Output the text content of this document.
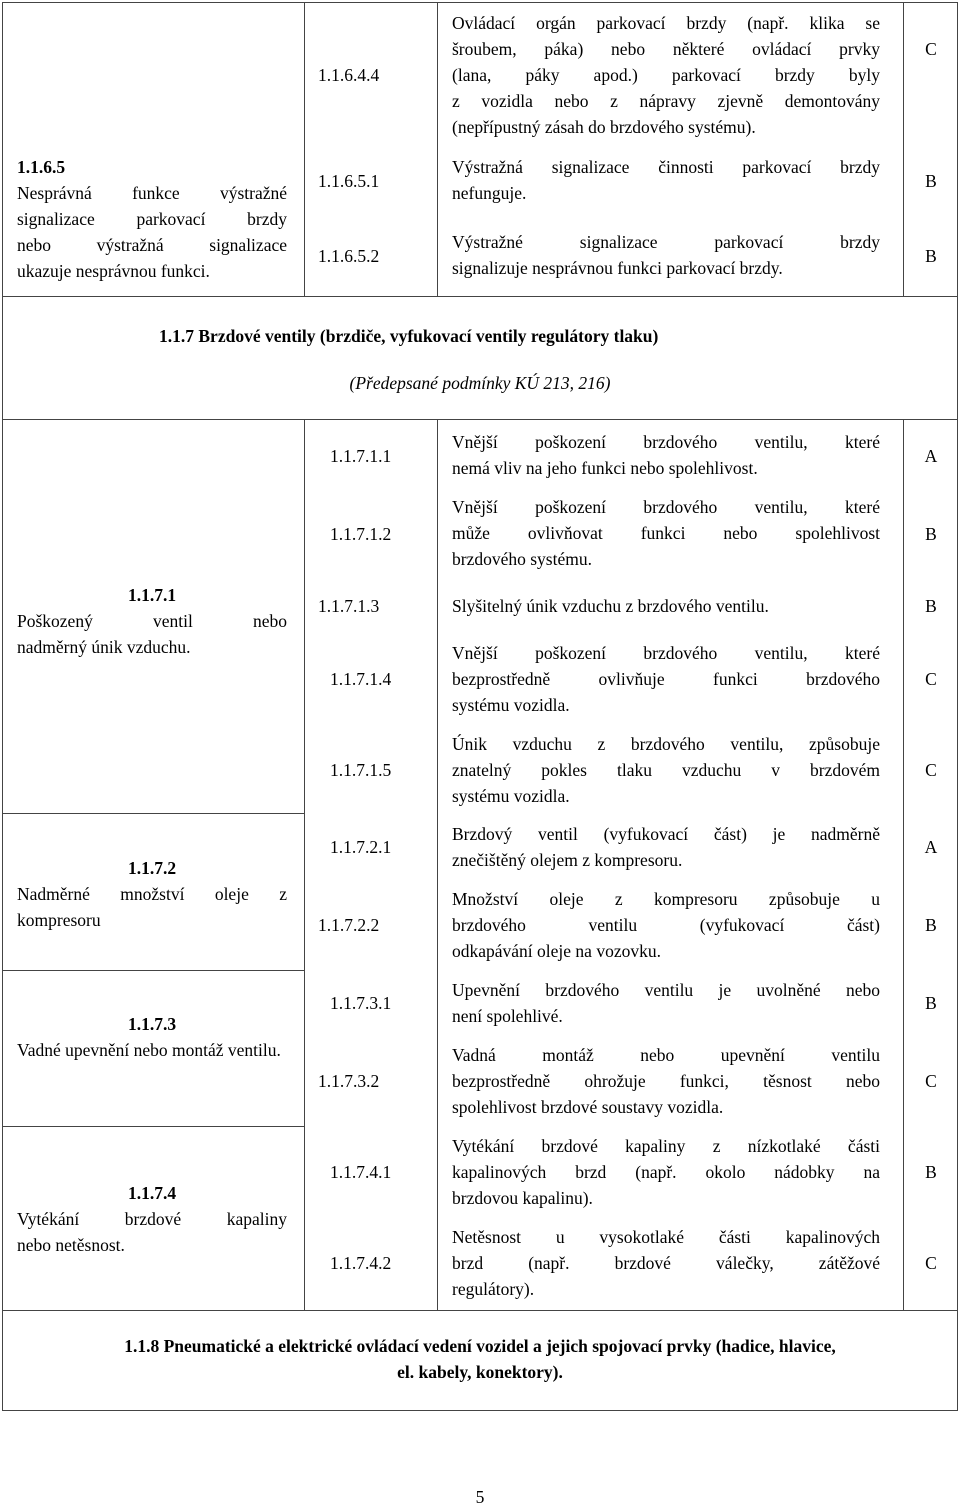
1.1.6.5

Nesprávná funkce výstražné

signalizace parkovací brzdy

nebo výstražná signalizace

ukazuje nesprávnou funkci.

1.1.6.4.4

Ovládací orgán parkovací brzdy (např. klika se

šroubem, páka) nebo některé ovládací prvky

(lana, páky apod.) parkovací brzdy byly

z vozidla nebo z nápravy zjevně demontovány

(nepřípustný zásah do brzdového systému).

C
1.1.6.5.1

Výstražná signalizace činnosti parkovací brzdy

nefunguje.

B
1.1.6.5.2

Výstražné signalizace parkovací brzdy

signalizuje nesprávnou funkci parkovací brzdy.

B
1.1.7 Brzdové ventily (brzdiče, vyfukovací ventily regulátory tlaku)
(Předepsané podmínky KÚ 213, 216)

1.1.7.1

Poškozený ventil nebo

nadměrný únik vzduchu.

1.1.7.2

Nadměrné množství oleje z

kompresoru

1.1.7.3

Vadné upevnění nebo montáž ventilu.

1.1.7.4

Vytékání brzdové kapaliny

nebo netěsnost.

1.1.7.1.1

Vnější poškození brzdového ventilu, které

nemá vliv na jeho funkci nebo spolehlivost.

A
1.1.7.1.2

Vnější poškození brzdového ventilu, které

může ovlivňovat funkci nebo spolehlivost

brzdového systému.

B
1.1.7.1.3	Slyšitelný únik vzduchu z brzdového ventilu.	B
1.1.7.1.4

Vnější poškození brzdového ventilu, které

bezprostředně ovlivňuje funkci brzdového

systému vozidla.

C
1.1.7.1.5

Únik vzduchu z brzdového ventilu, způsobuje

znatelný pokles tlaku vzduchu v brzdovém

systému vozidla.

C
1.1.7.2.1

Brzdový ventil (vyfukovací část) je nadměrně

znečištěný olejem z kompresoru.

A
1.1.7.2.2

Množství oleje z kompresoru způsobuje u

brzdového ventilu (vyfukovací část)

odkapávání oleje na vozovku.

B
1.1.7.3.1

Upevnění brzdového ventilu je uvolněné nebo

není spolehlivé.

B
1.1.7.3.2

Vadná montáž nebo upevnění ventilu

bezprostředně ohrožuje funkci, těsnost nebo

spolehlivost brzdové soustavy vozidla.

C
1.1.7.4.1

Vytékání brzdové kapaliny z nízkotlaké části

kapalinových brzd (např. okolo nádobky na

brzdovou kapalinu).

B
1.1.7.4.2

Netěsnost u vysokotlaké části kapalinových

brzd (např. brzdové válečky, zátěžové

regulátory).

C
1.1.8 Pneumatické a elektrické ovládací vedení vozidel a jejich spojovací prvky (hadice, hlavice,
el. kabely, konektory).
5
